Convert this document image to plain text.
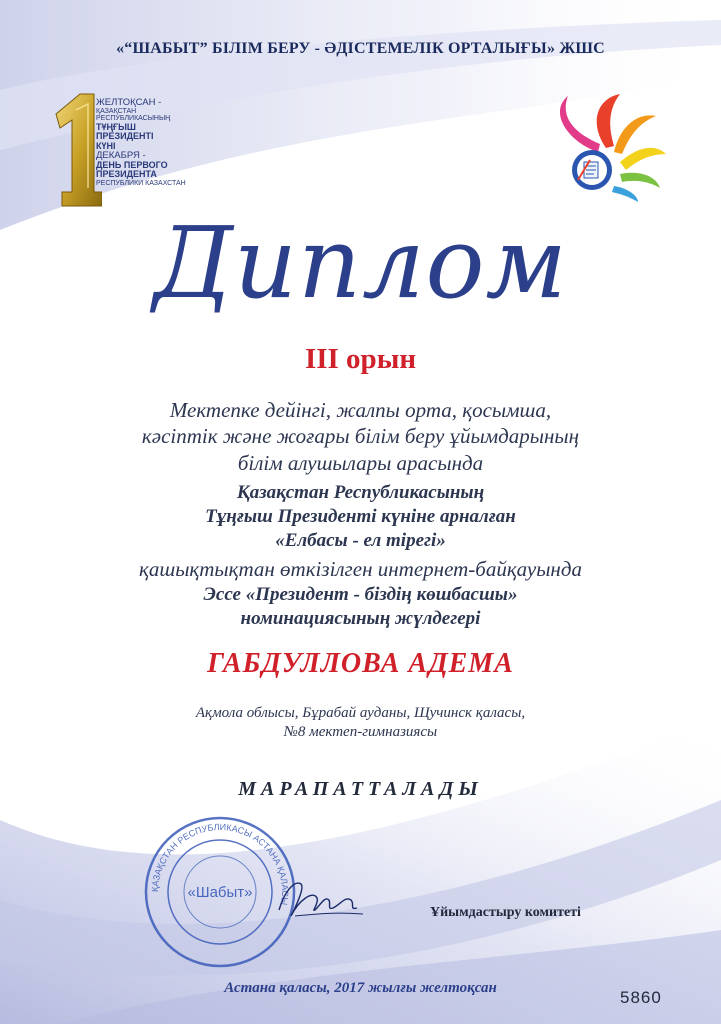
«“ШАБЫТ” БІЛІМ БЕРУ - ӘДІСТЕМЕЛІК ОРТАЛЫҒЫ» ЖШС
ЖЕЛТОҚСАН -
ҚАЗАҚСТАН
РЕСПУБЛИКАСЫНЫҢ
ТҰҢҒЫШ
ПРЕЗИДЕНТІ
КҮНІ
ДЕКАБРЯ -
ДЕНЬ ПЕРВОГО
ПРЕЗИДЕНТА
РЕСПУБЛИКИ КАЗАХСТАН
Диплом
ІІІ орын
Мектепке дейінгі, жалпы орта, қосымша,
кәсіптік және жоғары білім беру ұйымдарының
білім алушылары арасында
Қазақстан Республикасының
Тұңғыш Президенті күніне арналған
«Елбасы - ел тірегі»
қашықтықтан өткізілген интернет-байқауында
Эссе «Президент - біздің көшбасшы»
номинациясының жүлдегері
ГАБДУЛЛОВА АДЕМА
Ақмола облысы, Бұрабай ауданы, Щучинск қаласы,
№8 мектеп-гимназиясы
МАРАПАТТАЛАДЫ
ҚАЗАҚСТАН РЕСПУБЛИКАСЫ АСТАНА ҚАЛАСЫ
«Шабыт»
Ұйымдастыру комитеті
Астана қаласы, 2017 жылғы желтоқсан	5860
